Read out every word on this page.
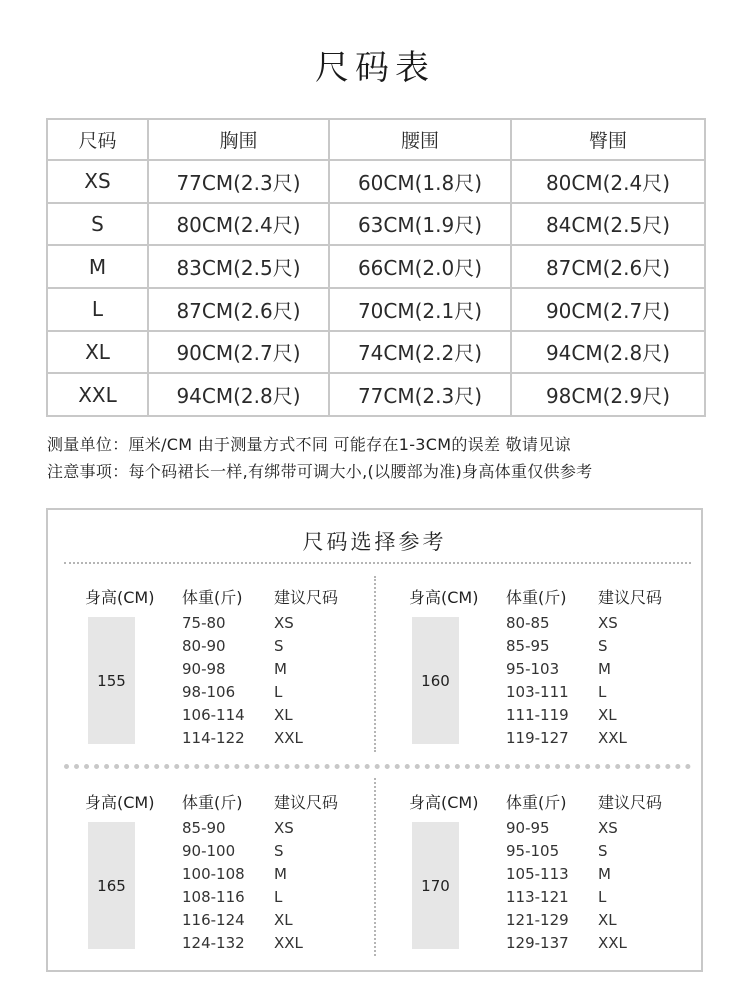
尺码表
尺码	胸围	腰围	臀围
XS	77CM(2.3尺)	60CM(1.8尺)	80CM(2.4尺)
S	80CM(2.4尺)	63CM(1.9尺)	84CM(2.5尺)
M	83CM(2.5尺)	66CM(2.0尺)	87CM(2.6尺)
L	87CM(2.6尺)	70CM(2.1尺)	90CM(2.7尺)
XL	90CM(2.7尺)	74CM(2.2尺)	94CM(2.8尺)
XXL	94CM(2.8尺)	77CM(2.3尺)	98CM(2.9尺)
测量单位：厘米/CM 由于测量方式不同 可能存在1-3CM的误差 敬请见谅
注意事项：每个码裙长一样,有绑带可调大小,(以腰部为准)身高体重仅供参考
尺码选择参考
身高(CM) 体重(斤) 建议尺码
155
75-80	XS
80-90	S
90-98	M
98-106	L
106-114 XL
114-122 XXL
身高(CM) 体重(斤) 建议尺码
160
80-85	XS
85-95	S
95-103	M
103-111 L
111-119 XL
119-127 XXL
身高(CM) 体重(斤) 建议尺码
165
85-90	XS
90-100	S
100-108 M
108-116 L
116-124 XL
124-132 XXL
身高(CM) 体重(斤) 建议尺码
170
90-95	XS
95-105	S
105-113 M
113-121 L
121-129 XL
129-137 XXL
